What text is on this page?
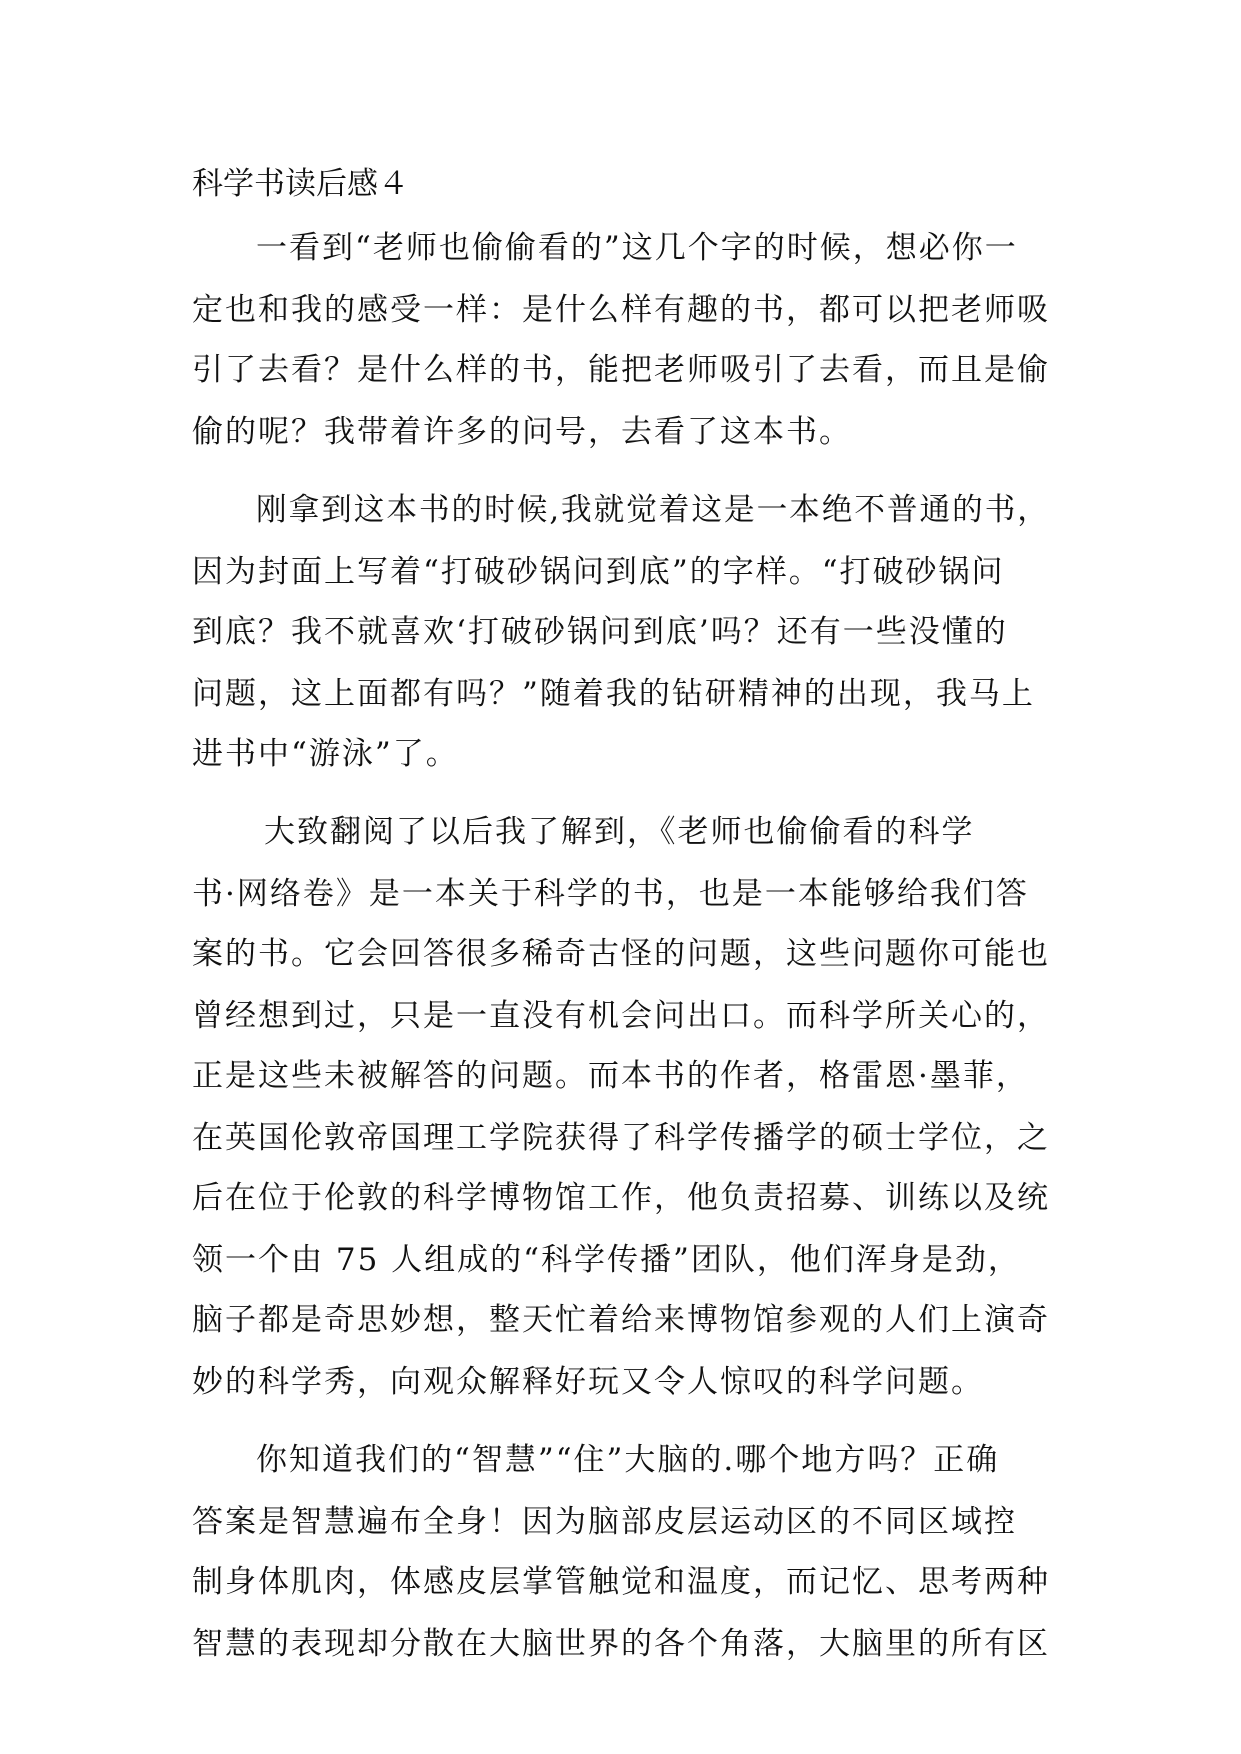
科学书读后感４
一看到“老师也偷偷看的”这几个字的时候，想必你一
定也和我的感受一样：是什么样有趣的书，都可以把老师吸
引了去看？是什么样的书，能把老师吸引了去看，而且是偷
偷的呢？我带着许多的问号，去看了这本书。
刚拿到这本书的时候,我就觉着这是一本绝不普通的书，
因为封面上写着“打破砂锅问到底”的字样。“打破砂锅问
到底？我不就喜欢‘打破砂锅问到底’吗？还有一些没懂的
问题，这上面都有吗？”随着我的钻研精神的出现，我马上
进书中“游泳”了。
大致翻阅了以后我了解到，《老师也偷偷看的科学
书·网络卷》是一本关于科学的书，也是一本能够给我们答
案的书。它会回答很多稀奇古怪的问题，这些问题你可能也
曾经想到过，只是一直没有机会问出口。而科学所关心的，
正是这些未被解答的问题。而本书的作者，格雷恩·墨菲，
在英国伦敦帝国理工学院获得了科学传播学的硕士学位，之
后在位于伦敦的科学博物馆工作，他负责招募、训练以及统
领一个由 75 人组成的“科学传播”团队，他们浑身是劲，
脑子都是奇思妙想，整天忙着给来博物馆参观的人们上演奇
妙的科学秀，向观众解释好玩又令人惊叹的科学问题。
你知道我们的“智慧”“住”大脑的.哪个地方吗？正确
答案是智慧遍布全身！因为脑部皮层运动区的不同区域控
制身体肌肉，体感皮层掌管触觉和温度，而记忆、思考两种
智慧的表现却分散在大脑世界的各个角落，大脑里的所有区
